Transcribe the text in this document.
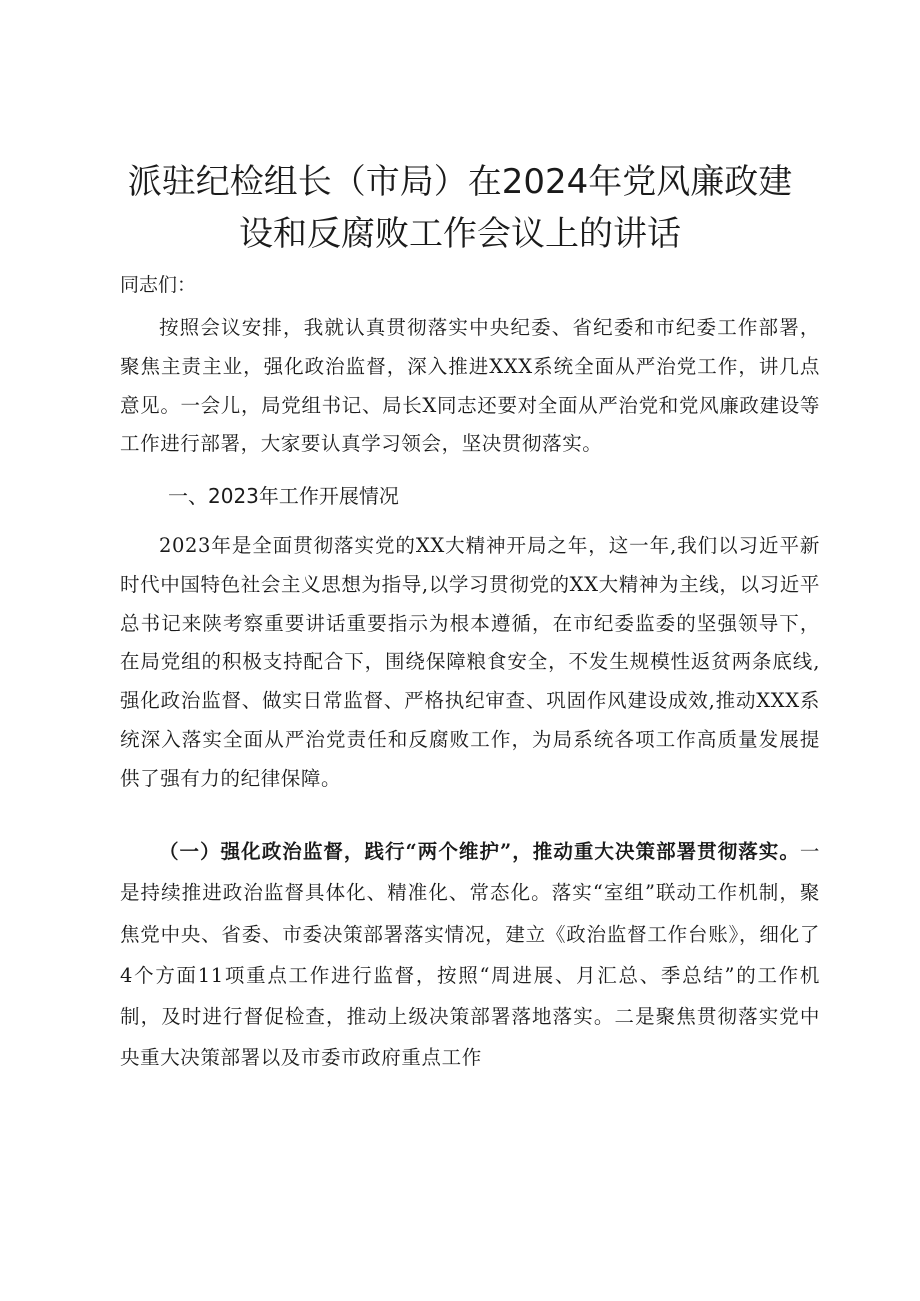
派驻纪检组长（市局）在2024年党风廉政建
设和反腐败工作会议上的讲话

同志们：

按照会议安排，我就认真贯彻落实中央纪委、省纪委和市纪委工作部署，聚焦主责主业，强化政治监督，深入推进XXX系统全面从严治党工作，讲几点意见。一会儿，局党组书记、局长X同志还要对全面从严治党和党风廉政建设等工作进行部署，大家要认真学习领会，坚决贯彻落实。

一、2023年工作开展情况

2023年是全面贯彻落实党的XX大精神开局之年，这一年,我们以习近平新时代中国特色社会主义思想为指导,以学习贯彻党的XX大精神为主线，以习近平总书记来陕考察重要讲话重要指示为根本遵循，在市纪委监委的坚强领导下，在局党组的积极支持配合下，围绕保障粮食安全，不发生规模性返贫两条底线,强化政治监督、做实日常监督、严格执纪审查、巩固作风建设成效,推动XXX系统深入落实全面从严治党责任和反腐败工作，为局系统各项工作高质量发展提供了强有力的纪律保障。

（一）强化政治监督，践行“两个维护”，推动重大决策部署贯彻落实。一是持续推进政治监督具体化、精准化、常态化。落实“室组”联动工作机制，聚焦党中央、省委、市委决策部署落实情况，建立《政治监督工作台账》，细化了4个方面11项重点工作进行监督，按照“周进展、月汇总、季总结”的工作机制，及时进行督促检查，推动上级决策部署落地落实。二是聚焦贯彻落实党中央重大决策部署以及市委市政府重点工作
